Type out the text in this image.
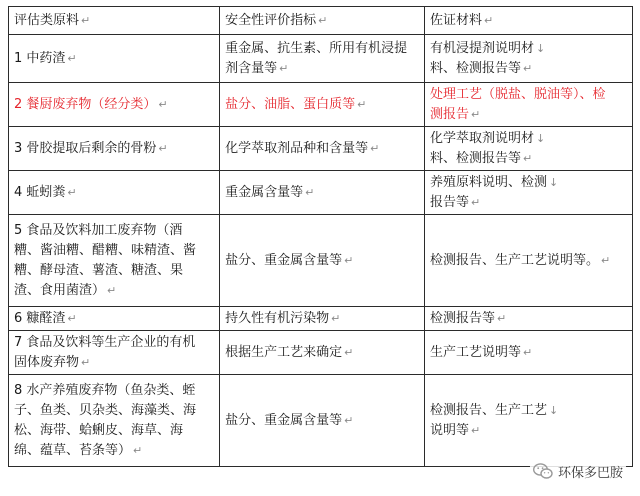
评估类原料 ↵	安全性评价指标 ↵	佐证材料 ↵

1 中药渣 ↵	重金属、抗生素、所用有机浸提
剂含量等 ↵	有机浸提剂说明材 ↓
料、检测报告等 ↵

2 餐厨废弃物（经分类） ↵	盐分、油脂、蛋白质等 ↵	处理工艺（脱盐、脱油等）、检
测报告 ↵

3 骨胶提取后剩余的骨粉 ↵	化学萃取剂品种和含量等 ↵	化学萃取剂说明材 ↓
料、检测报告等 ↵

4 蚯蚓粪 ↵	重金属含量等 ↵	养殖原料说明、检测 ↓
报告等 ↵

5 食品及饮料加工废弃物（酒
糟、酱油糟、醋糟、味精渣、酱
糟、酵母渣、薯渣、糖渣、果
渣、食用菌渣） ↵	盐分、重金属含量等 ↵	检测报告、生产工艺说明等。 ↵

6 糠醛渣 ↵	持久性有机污染物 ↵	检测报告等 ↵

7 食品及饮料等生产企业的有机
固体废弃物 ↵	根据生产工艺来确定 ↵	生产工艺说明等 ↵

8 水产养殖废弃物（鱼杂类、蛭
子、鱼类、贝杂类、海藻类、海
松、海带、蛤蜊皮、海草、海
绵、蕴草、苔条等） ↵	盐分、重金属含量等 ↵	检测报告、生产工艺 ↓
说明等 ↵
环保多巴胺
